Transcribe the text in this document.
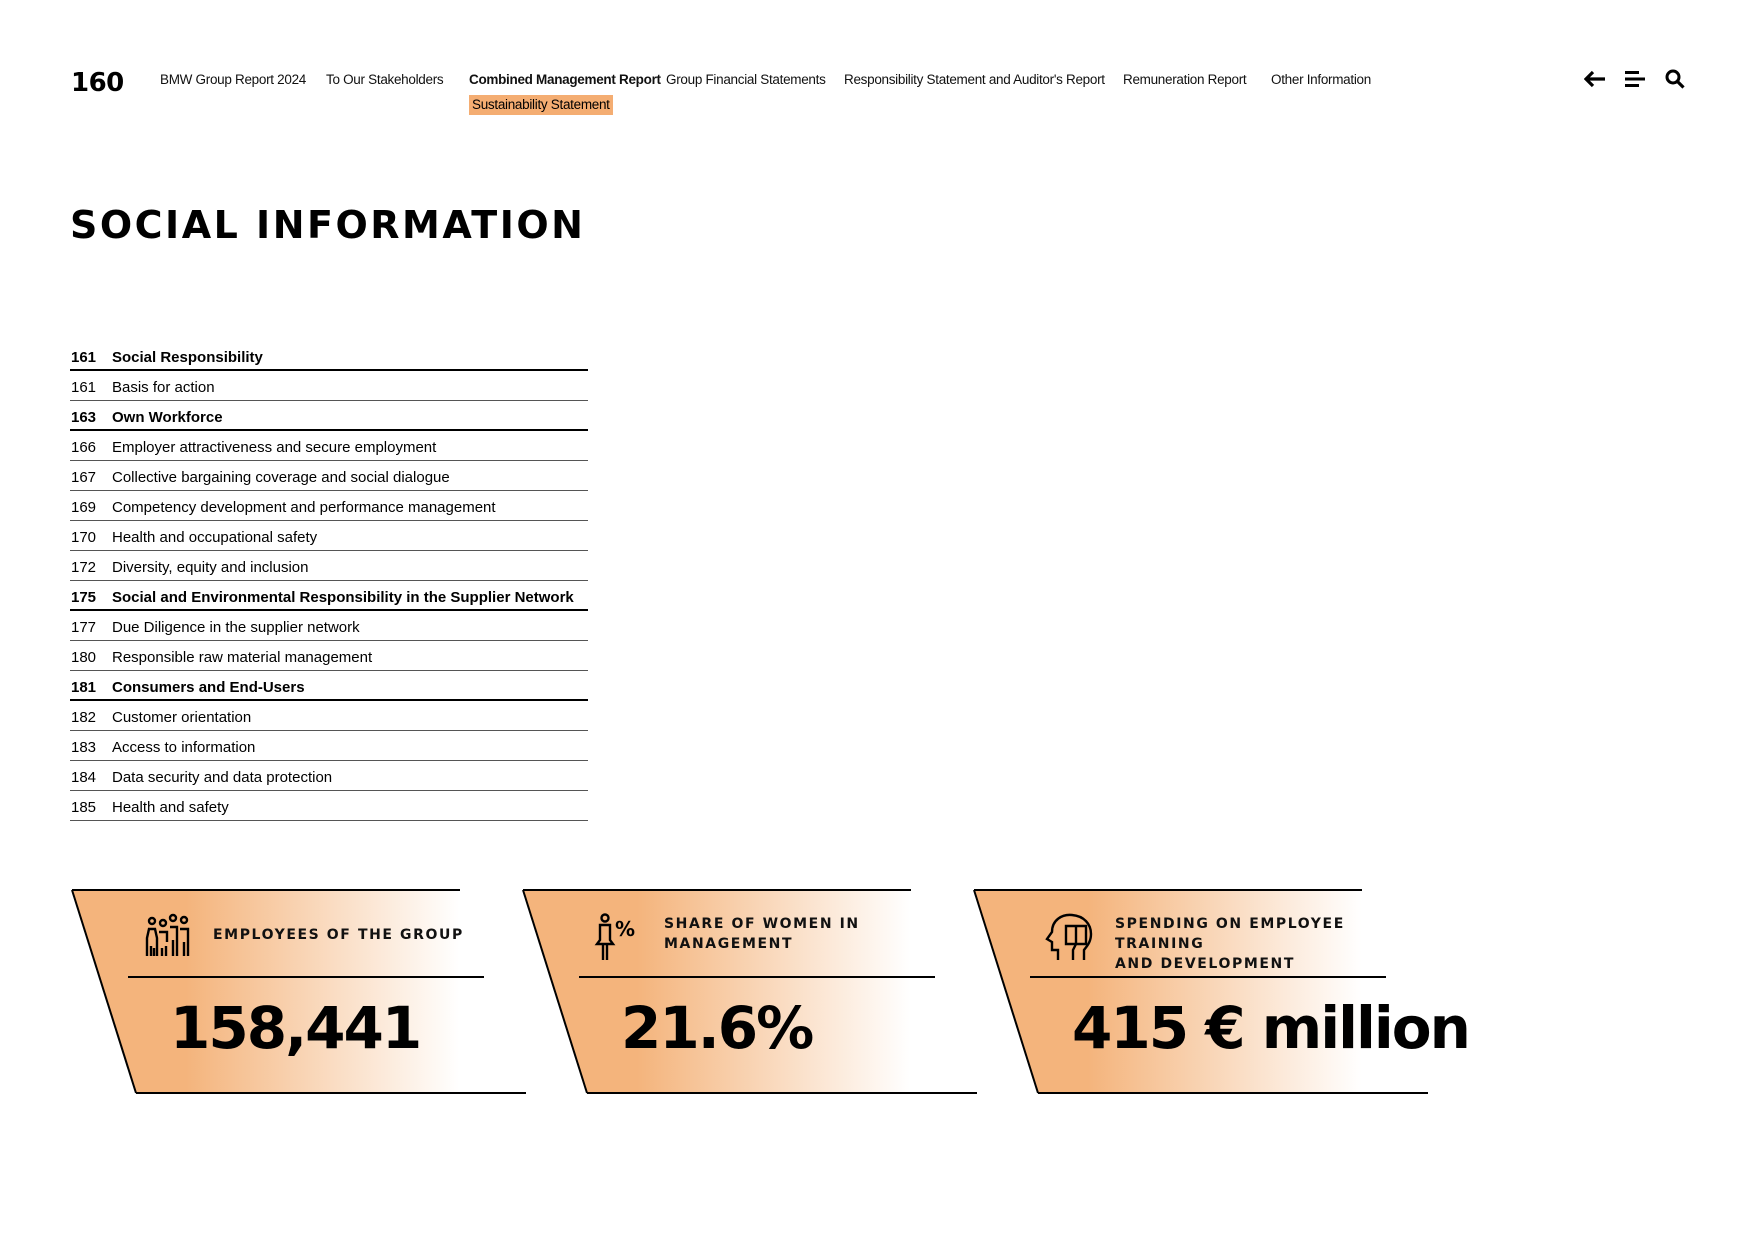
160	BMW Group Report 2024 To Our Stakeholders Combined Management Report Group Financial Statements Responsibility Statement and Auditor's Report Remuneration Report Other Information
Sustainability Statement
SOCIAL INFORMATION
161	Social Responsibility
161	Basis for action
163	Own Workforce
166	Employer attractiveness and secure employment
167	Collective bargaining coverage and social dialogue
169	Competency development and performance management
170	Health and occupational safety
172	Diversity, equity and inclusion
175	Social and Environmental Responsibility in the Supplier Network
177	Due Diligence in the supplier network
180	Responsible raw material management
181	Consumers and End-Users
182	Customer orientation
183	Access to information
184	Data security and data protection
185	Health and safety
EMPLOYEES OF THE GROUP
158,441
% SHARE OF WOMEN IN
MANAGEMENT
21.6%
SPENDING ON EMPLOYEE TRAINING
AND DEVELOPMENT
415 € million
